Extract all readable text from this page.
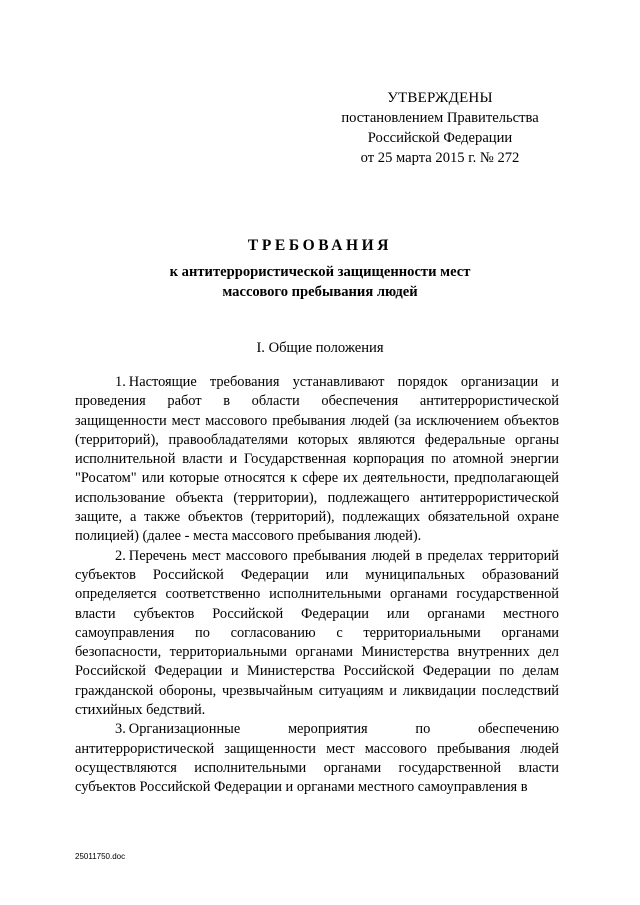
УТВЕРЖДЕНЫ
постановлением Правительства
Российской Федерации
от 25 марта 2015 г. № 272
ТРЕБОВАНИЯ
к антитеррористической защищенности мест
массового пребывания людей
I. Общие положения

1. Настоящие требования устанавливают порядок организации и проведения работ в области обеспечения антитеррористической защищенности мест массового пребывания людей (за исключением объектов (территорий), правообладателями которых являются федеральные органы исполнительной власти и Государственная корпорация по атомной энергии "Росатом" или которые относятся к сфере их деятельности, предполагающей использование объекта (территории), подлежащего антитеррористической защите, а также объектов (территорий), подлежащих обязательной охране полицией) (далее - места массового пребывания людей).

2. Перечень мест массового пребывания людей в пределах территорий субъектов Российской Федерации или муниципальных образований определяется соответственно исполнительными органами государственной власти субъектов Российской Федерации или органами местного самоуправления по согласованию с территориальными органами безопасности, территориальными органами Министерства внутренних дел Российской Федерации и Министерства Российской Федерации по делам гражданской обороны, чрезвычайным ситуациям и ликвидации последствий стихийных бедствий.

3. Организационные мероприятия по обеспечению антитеррористической защищенности мест массового пребывания людей осуществляются исполнительными органами государственной власти субъектов Российской Федерации и органами местного самоуправления в

25011750.doc
